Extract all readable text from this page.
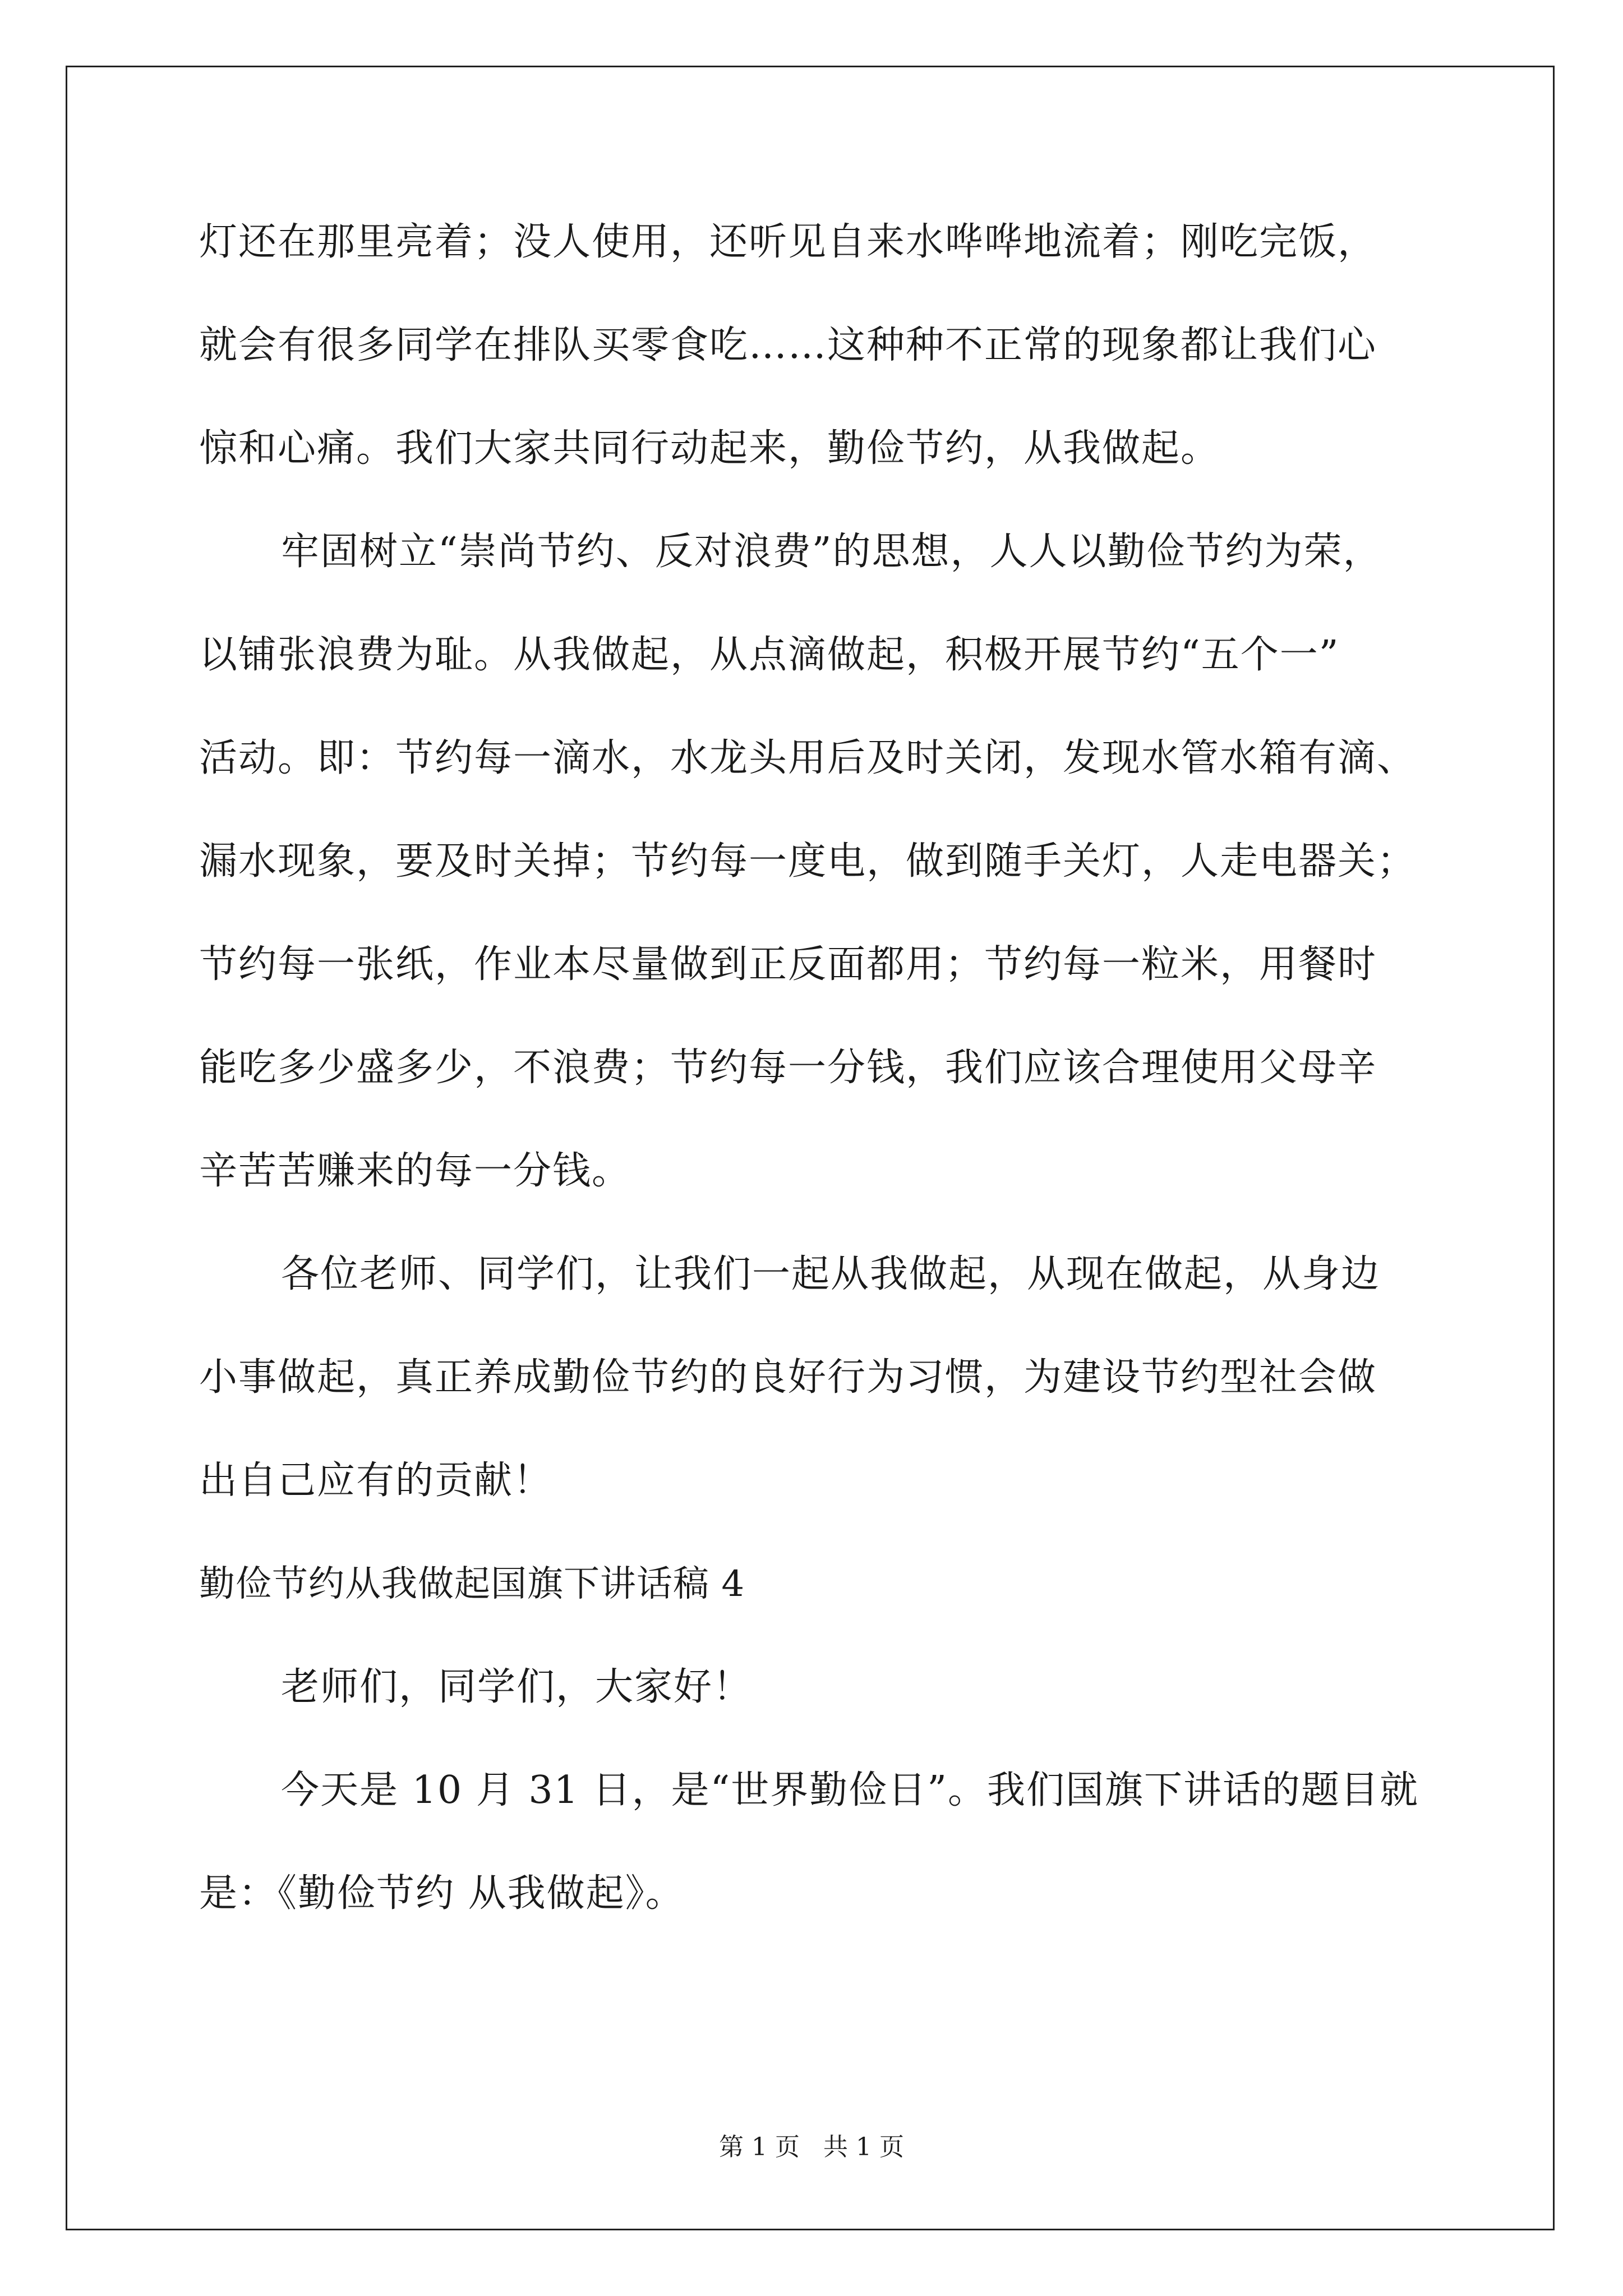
灯还在那里亮着；没人使用，还听见自来水哗哗地流着；刚吃完饭，
就会有很多同学在排队买零食吃……这种种不正常的现象都让我们心
惊和心痛。我们大家共同行动起来，勤俭节约，从我做起。
牢固树立“崇尚节约、反对浪费”的思想，人人以勤俭节约为荣，
以铺张浪费为耻。从我做起，从点滴做起，积极开展节约“五个一”
活动。即：节约每一滴水，水龙头用后及时关闭，发现水管水箱有滴、
漏水现象，要及时关掉；节约每一度电，做到随手关灯，人走电器关；
节约每一张纸，作业本尽量做到正反面都用；节约每一粒米，用餐时
能吃多少盛多少，不浪费；节约每一分钱，我们应该合理使用父母辛
辛苦苦赚来的每一分钱。
各位老师、同学们，让我们一起从我做起，从现在做起，从身边
小事做起，真正养成勤俭节约的良好行为习惯，为建设节约型社会做
出自己应有的贡献！
勤俭节约从我做起国旗下讲话稿 4
老师们，同学们，大家好！
今天是 10 月 31 日，是“世界勤俭日”。我们国旗下讲话的题目就
是：《勤俭节约 从我做起》。
第 1 页   共 1 页
